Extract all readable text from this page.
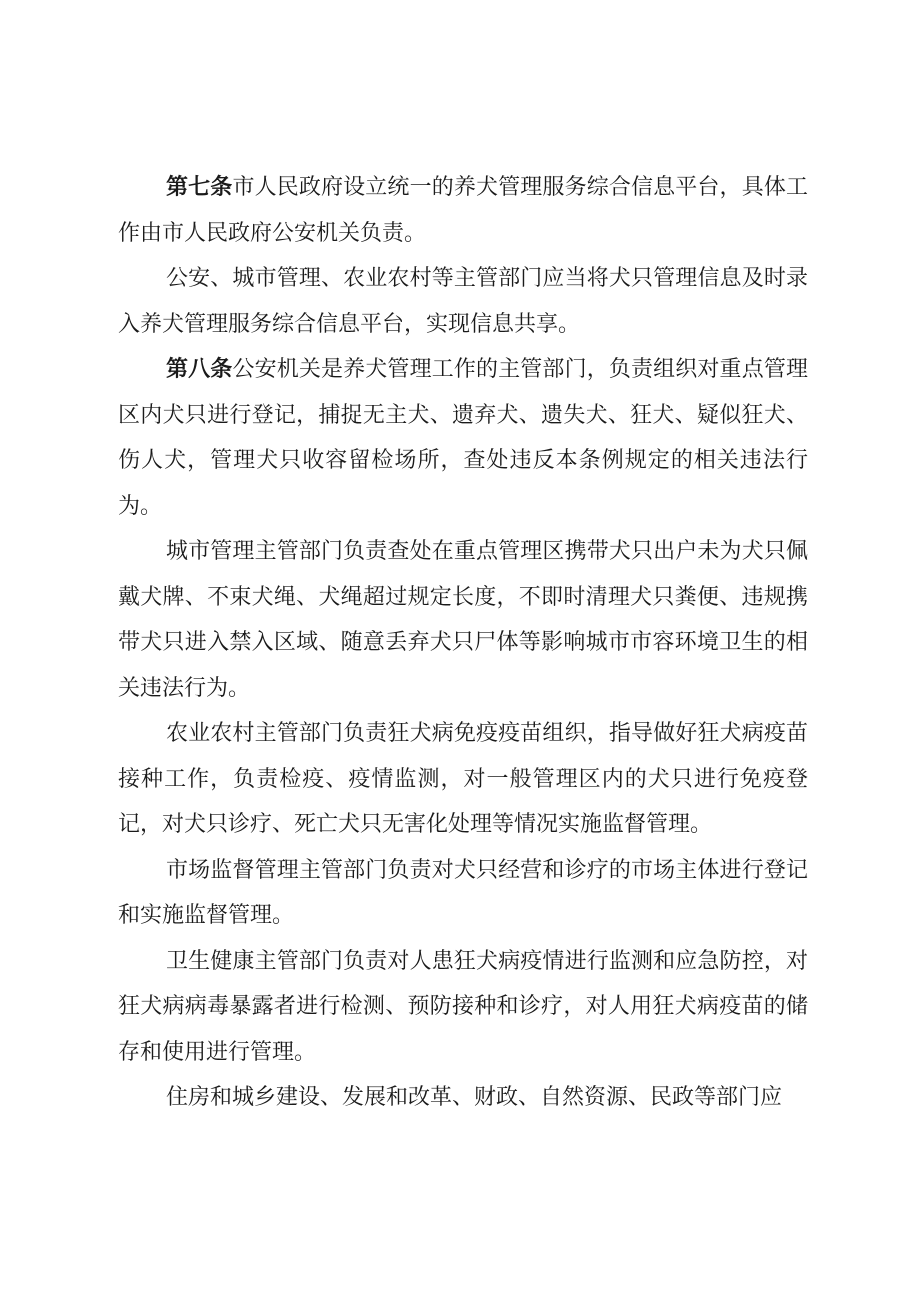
第七条市人民政府设立统一的养犬管理服务综合信息平台，具体工作由市人民政府公安机关负责。

公安、城市管理、农业农村等主管部门应当将犬只管理信息及时录入养犬管理服务综合信息平台，实现信息共享。

第八条公安机关是养犬管理工作的主管部门，负责组织对重点管理区内犬只进行登记，捕捉无主犬、遗弃犬、遗失犬、狂犬、疑似狂犬、伤人犬，管理犬只收容留检场所，查处违反本条例规定的相关违法行为。

城市管理主管部门负责查处在重点管理区携带犬只出户未为犬只佩戴犬牌、不束犬绳、犬绳超过规定长度，不即时清理犬只粪便、违规携带犬只进入禁入区域、随意丢弃犬只尸体等影响城市市容环境卫生的相关违法行为。

农业农村主管部门负责狂犬病免疫疫苗组织，指导做好狂犬病疫苗接种工作，负责检疫、疫情监测，对一般管理区内的犬只进行免疫登记，对犬只诊疗、死亡犬只无害化处理等情况实施监督管理。

市场监督管理主管部门负责对犬只经营和诊疗的市场主体进行登记和实施监督管理。

卫生健康主管部门负责对人患狂犬病疫情进行监测和应急防控，对狂犬病病毒暴露者进行检测、预防接种和诊疗，对人用狂犬病疫苗的储存和使用进行管理。

住房和城乡建设、发展和改革、财政、自然资源、民政等部门应
